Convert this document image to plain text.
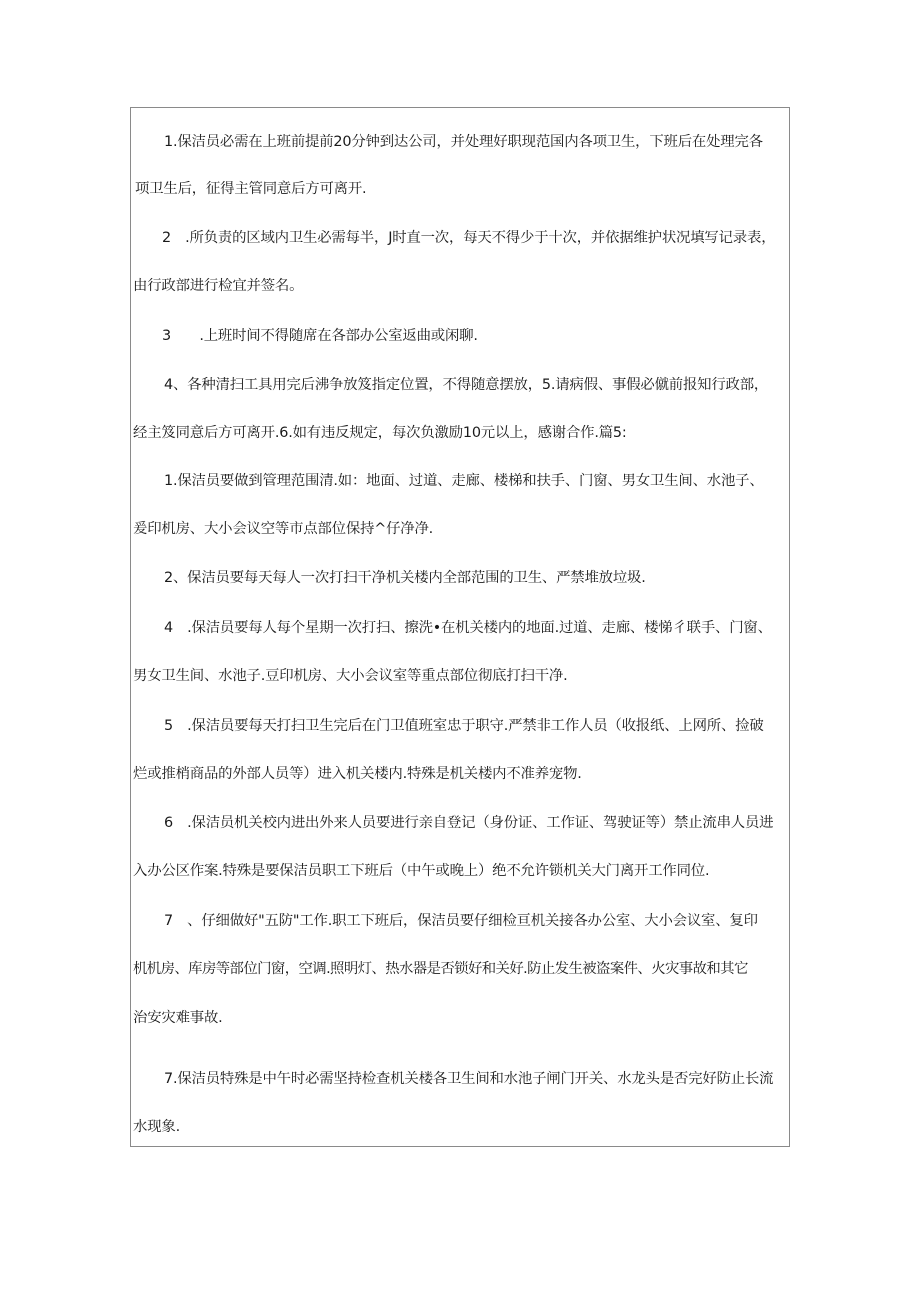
1.保洁员必需在上班前提前20分钟到达公司，并处理好职现范国内各项卫生，下班后在处理完各

项卫生后，征得主管同意后方可离开.

2　.所负责的区域内卫生必需每半，J时直一次，每天不得少于十次，并依据维护状况填写记录表，

由行政部进行检宜并签名。

3　　.上班时间不得随席在各部办公室返曲或闲聊.

4、各种清扫工具用完后沸争放笈指定位置，不得随意摆放，5.请病假、事假必僦前报知行政部，

经主笈同意后方可离开.6.如有违反规定，每次负激励10元以上，感谢合作.篇5:

1.保洁员要做到管理范围清.如：地面、过道、走廊、楼梯和扶手、门窗、男女卫生间、水池子、

爰印机房、大小会议空等市点部位保持^仔净净.

2、保洁员要每天每人一次打扫干净机关楼内全部范围的卫生、严禁堆放垃圾.

4　.保洁员要每人每个星期一次打扫、擦洗•在机关楼内的地面.过道、走廊、楼悌彳联手、门窗、

男女卫生间、水池子.豆印机房、大小会议室等重点部位彻底打扫干净.

5　.保洁员要每天打扫卫生完后在门卫值班室忠于职守.严禁非工作人员（收报纸、上网所、捡破

烂或推梢商品的外部人员等）进入机关楼内.特殊是机关楼内不准养宠物.

6　.保洁员机关校内进出外来人员要进行亲自登记（身份证、工作证、驾驶证等）禁止流串人员进

入办公区作案.特殊是要保洁员职工下班后（中午或晚上）绝不允许锁机关大门离开工作同位.

7　、仔细做好"五防"工作.职工下班后，保洁员要仔细检亘机关接各办公室、大小会议室、复印

机机房、库房等部位门窗，空调.照明灯、热水器是否锁好和关好.防止发生被盗案件、火灾事故和其它

治安灾难事故.

7.保洁员特殊是中午时必需坚持检查机关楼各卫生间和水池子闸门开关、水龙头是否完好防止长流

水现象.
